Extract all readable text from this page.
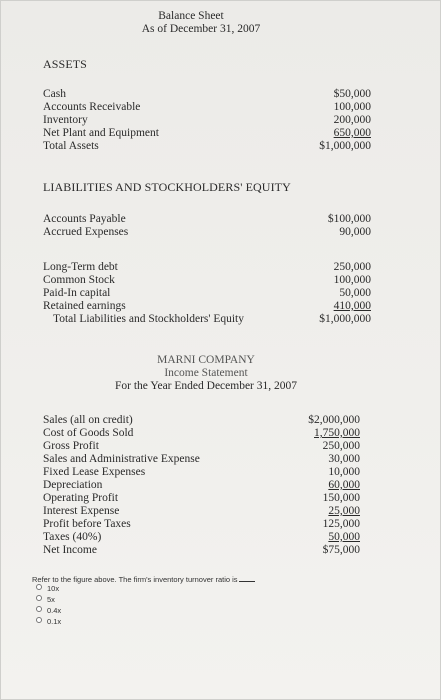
Balance Sheet
As of December 31, 2007
ASSETS
Cash	$50,000
Accounts Receivable	100,000
Inventory	200,000
Net Plant and Equipment	650,000
Total Assets	$1,000,000
LIABILITIES AND STOCKHOLDERS' EQUITY
Accounts Payable	$100,000
Accrued Expenses	90,000
Long-Term debt	250,000
Common Stock	100,000
Paid-In capital	50,000
Retained earnings	410,000
Total Liabilities and Stockholders' Equity	$1,000,000
MARNI COMPANY
Income Statement
For the Year Ended December 31, 2007
Sales (all on credit)	$2,000,000
Cost of Goods Sold	1,750,000
Gross Profit	250,000
Sales and Administrative Expense	30,000
Fixed Lease Expenses	10,000
Depreciation	60,000
Operating Profit	150,000
Interest Expense	25,000
Profit before Taxes	125,000
Taxes (40%)	50,000
Net Income	$75,000
Refer to the figure above. The firm's inventory turnover ratio is
10x
5x
0.4x
0.1x
